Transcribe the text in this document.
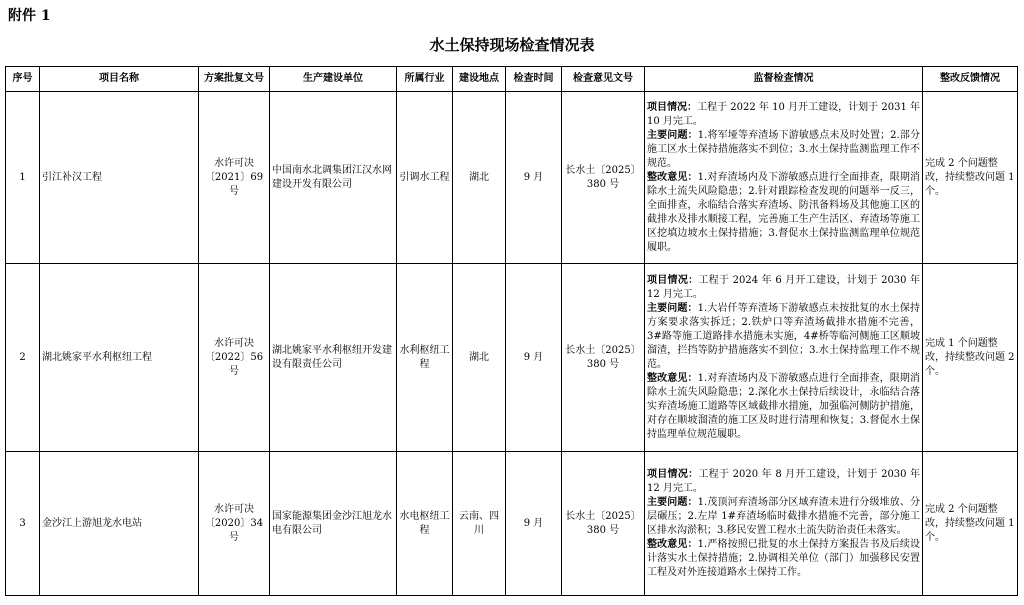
附件 1
水土保持现场检查情况表
序号	项目名称	方案批复文号	生产建设单位	所属行业	建设地点	检查时间	检查意见文号	监督检查情况	整改反馈情况
1	引江补汉工程	水许可决〔2021〕69 号	中国南水北调集团江汉水网建设开发有限公司	引调水工程	湖北	9 月	长水土〔2025〕380 号	项目情况：工程于 2022 年 10 月开工建设，计划于 2031 年 10 月完工。
主要问题：1.将军垭等弃渣场下游敏感点未及时处置；2.部分施工区水土保持措施落实不到位；3.水土保持监测监理工作不规范。
整改意见：1.对弃渣场内及下游敏感点进行全面排查，限期消除水土流失风险隐患；2.针对跟踪检查发现的问题举一反三，全面排查，永临结合落实弃渣场、防汛备料场及其他施工区的截排水及排水顺接工程，完善施工生产生活区、弃渣场等施工区挖填边坡水土保持措施；3.督促水土保持监测监理单位规范履职。	完成 2 个问题整改，持续整改问题 1 个。
2	湖北姚家平水利枢纽工程	水许可决〔2022〕56 号	湖北姚家平水利枢纽开发建设有限责任公司	水利枢纽工程	湖北	9 月	长水土〔2025〕380 号	项目情况：工程于 2024 年 6 月开工建设，计划于 2030 年 12 月完工。
主要问题：1.大岩仟等弃渣场下游敏感点未按批复的水土保持方案要求落实拆迁；2.铁炉口等弃渣场截排水措施不完善，3#路等施工道路排水措施未实施，4#桥等临河侧施工区顺坡溜渣，拦挡等防护措施落实不到位；3.水土保持监理工作不规范。
整改意见：1.对弃渣场内及下游敏感点进行全面排查，限期消除水土流失风险隐患；2.深化水土保持后续设计，永临结合落实弃渣场施工道路等区域截排水措施，加强临河侧防护措施，对存在顺坡溜渣的施工区及时进行清理和恢复；3.督促水土保持监理单位规范履职。	完成 1 个问题整改，持续整改问题 2 个。
3	金沙江上游旭龙水电站	水许可决〔2020〕34 号	国家能源集团金沙江旭龙水电有限公司	水电枢纽工程	云南、四川	9 月	长水土〔2025〕380 号	项目情况：工程于 2020 年 8 月开工建设，计划于 2030 年 12 月完工。
主要问题：1.茂顶河弃渣场部分区域弃渣未进行分级堆放、分层碾压；2.左岸 1#弃渣场临时截排水措施不完善，部分施工区排水沟淤积；3.移民安置工程水土流失防治责任未落实。
整改意见：1.严格按照已批复的水土保持方案报告书及后续设计落实水土保持措施；2.协调相关单位（部门）加强移民安置工程及对外连接道路水土保持工作。	完成 2 个问题整改，持续整改问题 1 个。
